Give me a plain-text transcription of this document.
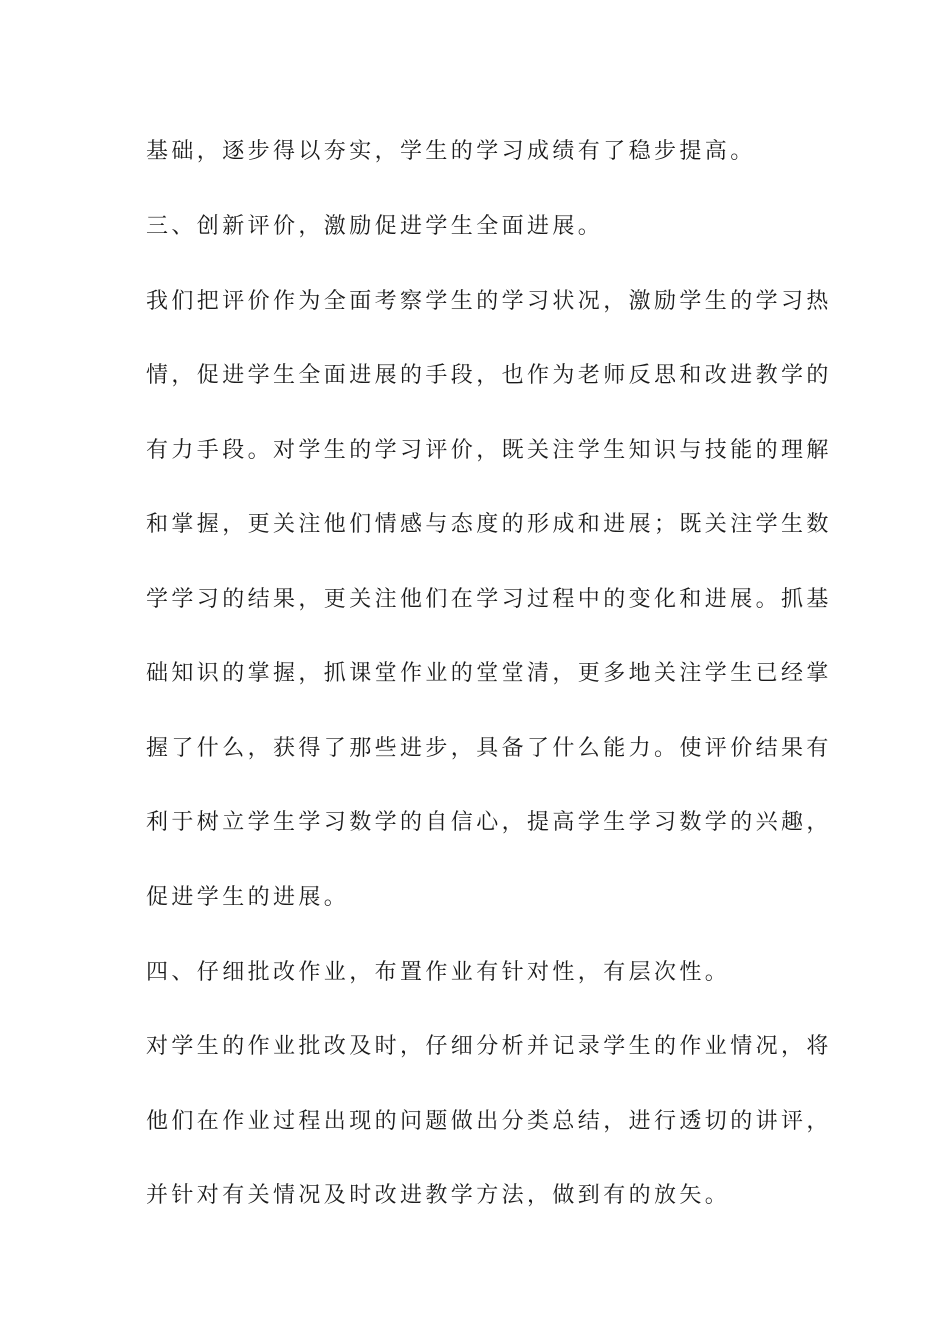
基础，逐步得以夯实，学生的学习成绩有了稳步提高。
三、创新评价，激励促进学生全面进展。
我们把评价作为全面考察学生的学习状况，激励学生的学习热
情，促进学生全面进展的手段，也作为老师反思和改进教学的
有力手段。对学生的学习评价，既关注学生知识与技能的理解
和掌握，更关注他们情感与态度的形成和进展；既关注学生数
学学习的结果，更关注他们在学习过程中的变化和进展。抓基
础知识的掌握，抓课堂作业的堂堂清，更多地关注学生已经掌
握了什么，获得了那些进步，具备了什么能力。使评价结果有
利于树立学生学习数学的自信心，提高学生学习数学的兴趣，
促进学生的进展。
四、仔细批改作业，布置作业有针对性，有层次性。
对学生的作业批改及时，仔细分析并记录学生的作业情况，将
他们在作业过程出现的问题做出分类总结，进行透切的讲评，
并针对有关情况及时改进教学方法，做到有的放矢。
